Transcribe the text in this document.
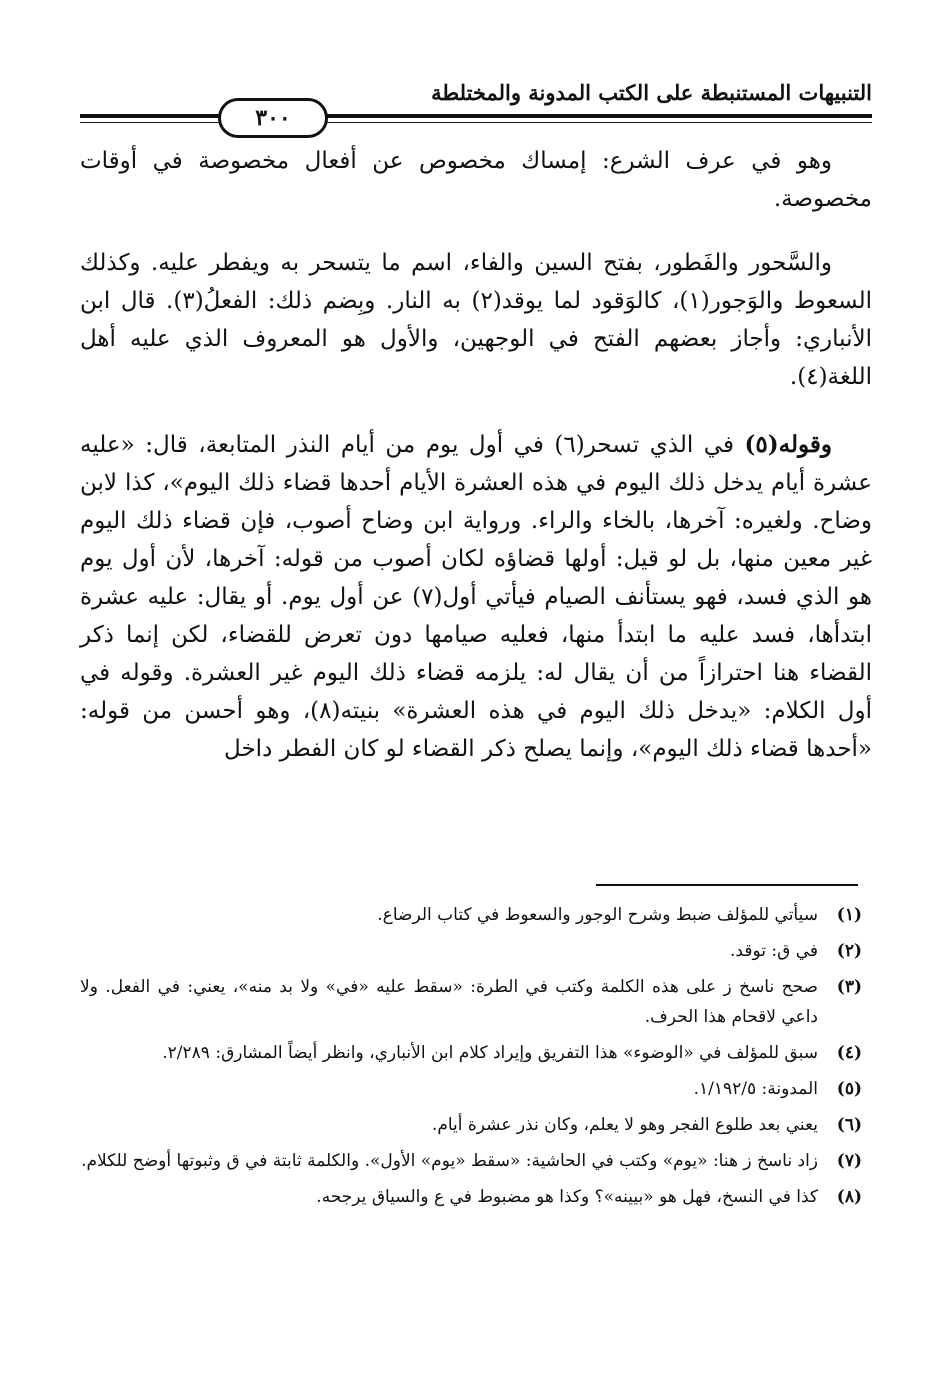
التنبيهات المستنبطة على الكتب المدونة والمختلطة
٣٠٠

وهو في عرف الشرع: إمساك مخصوص عن أفعال مخصوصة في أوقات مخصوصة.

والسَّحور والفَطور، بفتح السين والفاء، اسم ما يتسحر به ويفطر عليه. وكذلك السعوط والوَجور(١)، كالوَقود لما يوقد(٢) به النار. وبِضم ذلك: الفعلُ(٣). قال ابن الأنباري: وأجاز بعضهم الفتح في الوجهين، والأول هو المعروف الذي عليه أهل اللغة(٤).

وقوله(٥) في الذي تسحر(٦) في أول يوم من أيام النذر المتابعة، قال: «عليه عشرة أيام يدخل ذلك اليوم في هذه العشرة الأيام أحدها قضاء ذلك اليوم»، كذا لابن وضاح. ولغيره: آخرها، بالخاء والراء. ورواية ابن وضاح أصوب، فإن قضاء ذلك اليوم غير معين منها، بل لو قيل: أولها قضاؤه لكان أصوب من قوله: آخرها، لأن أول يوم هو الذي فسد، فهو يستأنف الصيام فيأتي أول(٧) عن أول يوم. أو يقال: عليه عشرة ابتدأها، فسد عليه ما ابتدأ منها، فعليه صيامها دون تعرض للقضاء، لكن إنما ذكر القضاء هنا احترازاً من أن يقال له: يلزمه قضاء ذلك اليوم غير العشرة. وقوله في أول الكلام: «يدخل ذلك اليوم في هذه العشرة» بنيته(٨)، وهو أحسن من قوله: «أحدها قضاء ذلك اليوم»، وإنما يصلح ذكر القضاء لو كان الفطر داخل

(١)
سيأتي للمؤلف ضبط وشرح الوجور والسعوط في كتاب الرضاع.
(٢)
في ق: توقد.
(٣)
صحح ناسخ ز على هذه الكلمة وكتب في الطرة: «سقط عليه «في» ولا بد منه»، يعني: في الفعل. ولا داعي لاقحام هذا الحرف.
(٤)
سبق للمؤلف في «الوضوء» هذا التفريق وإيراد كلام ابن الأنباري، وانظر أيضاً المشارق: ٢/٢٨٩.
(٥)
المدونة: ١/١٩٢/٥.
(٦)
يعني بعد طلوع الفجر وهو لا يعلم، وكان نذر عشرة أيام.
(٧)
زاد ناسخ ز هنا: «يوم» وكتب في الحاشية: «سقط «يوم» الأول». والكلمة ثابتة في ق وثبوتها أوضح للكلام.
(٨)
كذا في النسخ، فهل هو «بيينه»؟ وكذا هو مضبوط في ع والسياق يرجحه.
